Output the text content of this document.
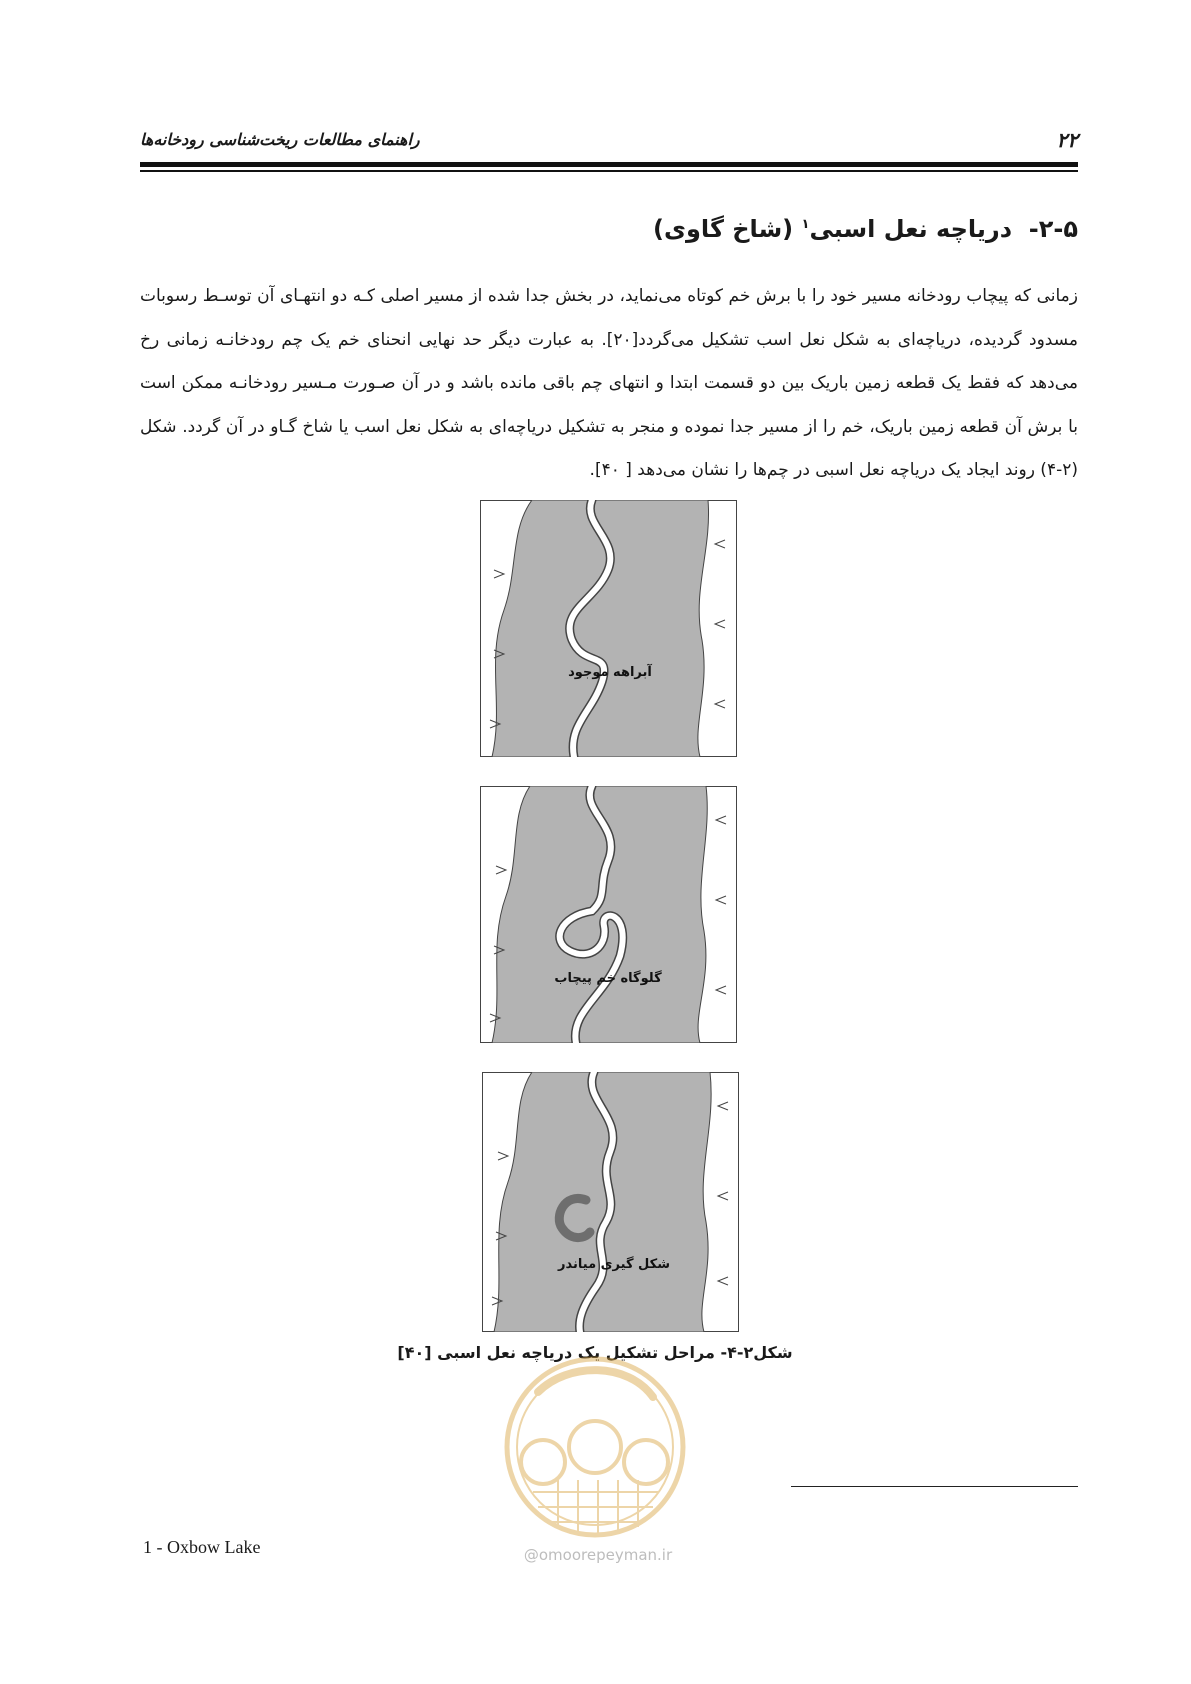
۲۲
راهنمای مطالعات ریخت‌شناسی رودخانه‌ها
۲-۵-  دریاچه نعل اسبی$^۱$ (شاخ گاوی)
زمانی که پیچاب رودخانه مسیر خود را با برش خم کوتاه می‌نماید، در بخش جدا شده از مسیر اصلی کـه دو انتهـای آن توسـط رسوبات مسدود گردیده، دریاچه‌ای به شکل نعل اسب تشکیل می‌گردد[۲۰]. به عبارت دیگر حد نهایی انحنای خم یک چم رودخانـه زمانی رخ می‌دهد که فقط یک قطعه زمین باریک بین دو قسمت ابتدا و انتهای چم باقی مانده باشد و در آن صـورت مـسیر رودخانـه ممکن است با برش آن قطعه زمین باریک، خم را از مسیر جدا نموده و منجر به تشکیل دریاچه‌ای به شکل نعل اسب یا شاخ گـاو در آن گردد. شکل (۲-۴) روند ایجاد یک دریاچه نعل اسبی در چم‌ها را نشان می‌دهد [ ۴۰].
آبراهه موجود
گلوگاه خم پیچاب
شکل گیری میاندر
شکل۲-۴- مراحل تشکیل یک دریاچه نعل اسبی [۴۰]
1 - Oxbow Lake	@omoorepeyman.ir
